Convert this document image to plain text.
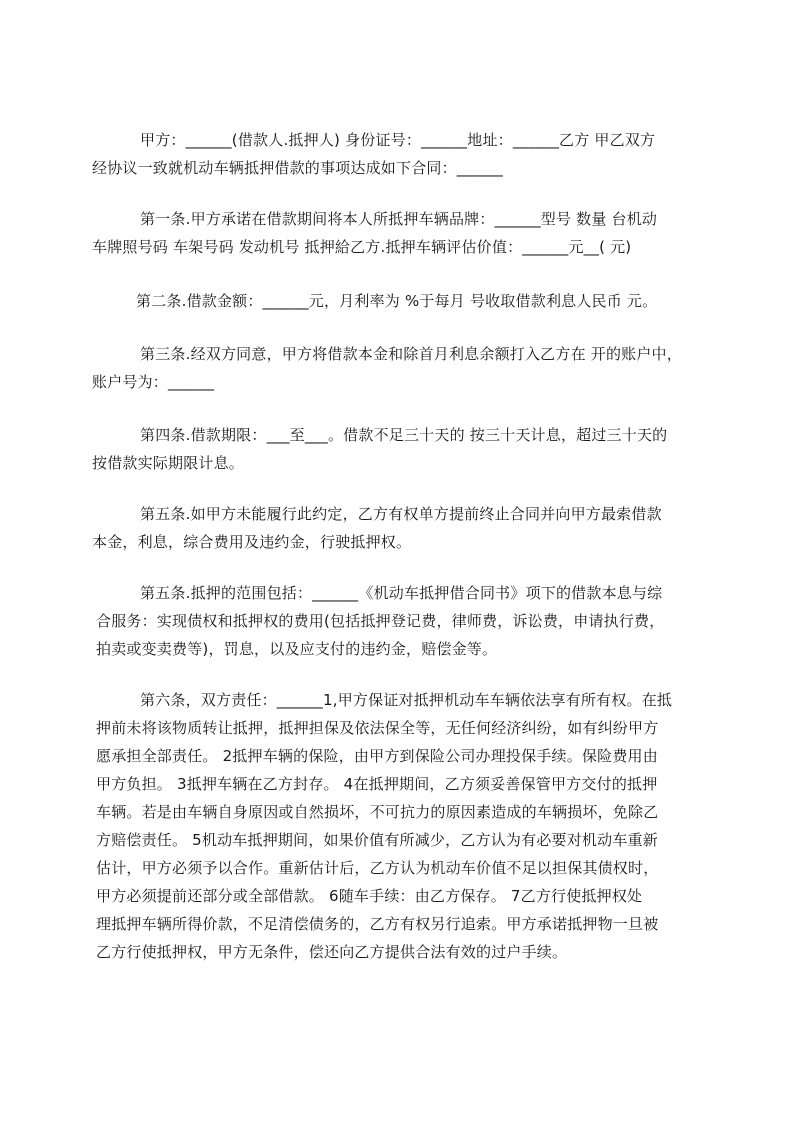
甲方：______(借款人.抵押人) 身份证号：______地址：______乙方 甲乙双方
经协议一致就机动车辆抵押借款的事项达成如下合同：______
第一条.甲方承诺在借款期间将本人所抵押车辆品牌：______型号 数量 台机动
车牌照号码 车架号码 发动机号 抵押給乙方.抵押车辆评估价值：______元__( 元)
第二条.借款金额：______元，月利率为 %于每月 号收取借款利息人民币 元。
第三条.经双方同意，甲方将借款本金和除首月利息余额打入乙方在 开的账户中，
账户号为：______
第四条.借款期限：___至___。借款不足三十天的 按三十天计息，超过三十天的
按借款实际期限计息。
第五条.如甲方未能履行此约定，乙方有权单方提前终止合同并向甲方最索借款
本金，利息，综合费用及违约金，行驶抵押权。
第五条.抵押的范围包括：______《机动车抵押借合同书》项下的借款本息与综
合服务：实现债权和抵押权的费用(包括抵押登记费，律师费，诉讼费，申请执行费，
拍卖或变卖费等)，罚息，以及应支付的违约金，赔偿金等。
第六条，双方责任：______1,甲方保证对抵押机动车车辆依法享有所有权。在抵
押前未将该物质转让抵押，抵押担保及依法保全等，无任何经济纠纷，如有纠纷甲方
愿承担全部责任。 2抵押车辆的保险，由甲方到保险公司办理投保手续。保险费用由
甲方负担。 3抵押车辆在乙方封存。 4在抵押期间，乙方须妥善保管甲方交付的抵押
车辆。若是由车辆自身原因或自然损坏，不可抗力的原因素造成的车辆损坏，免除乙
方赔偿责任。 5机动车抵押期间，如果价值有所减少，乙方认为有必要对机动车重新
估计，甲方必须予以合作。重新估计后，乙方认为机动车价值不足以担保其债权时，
甲方必须提前还部分或全部借款。 6随车手续：由乙方保存。 7乙方行使抵押权处
理抵押车辆所得价款，不足清偿债务的，乙方有权另行追索。甲方承诺抵押物一旦被
乙方行使抵押权，甲方无条件，偿还向乙方提供合法有效的过户手续。
